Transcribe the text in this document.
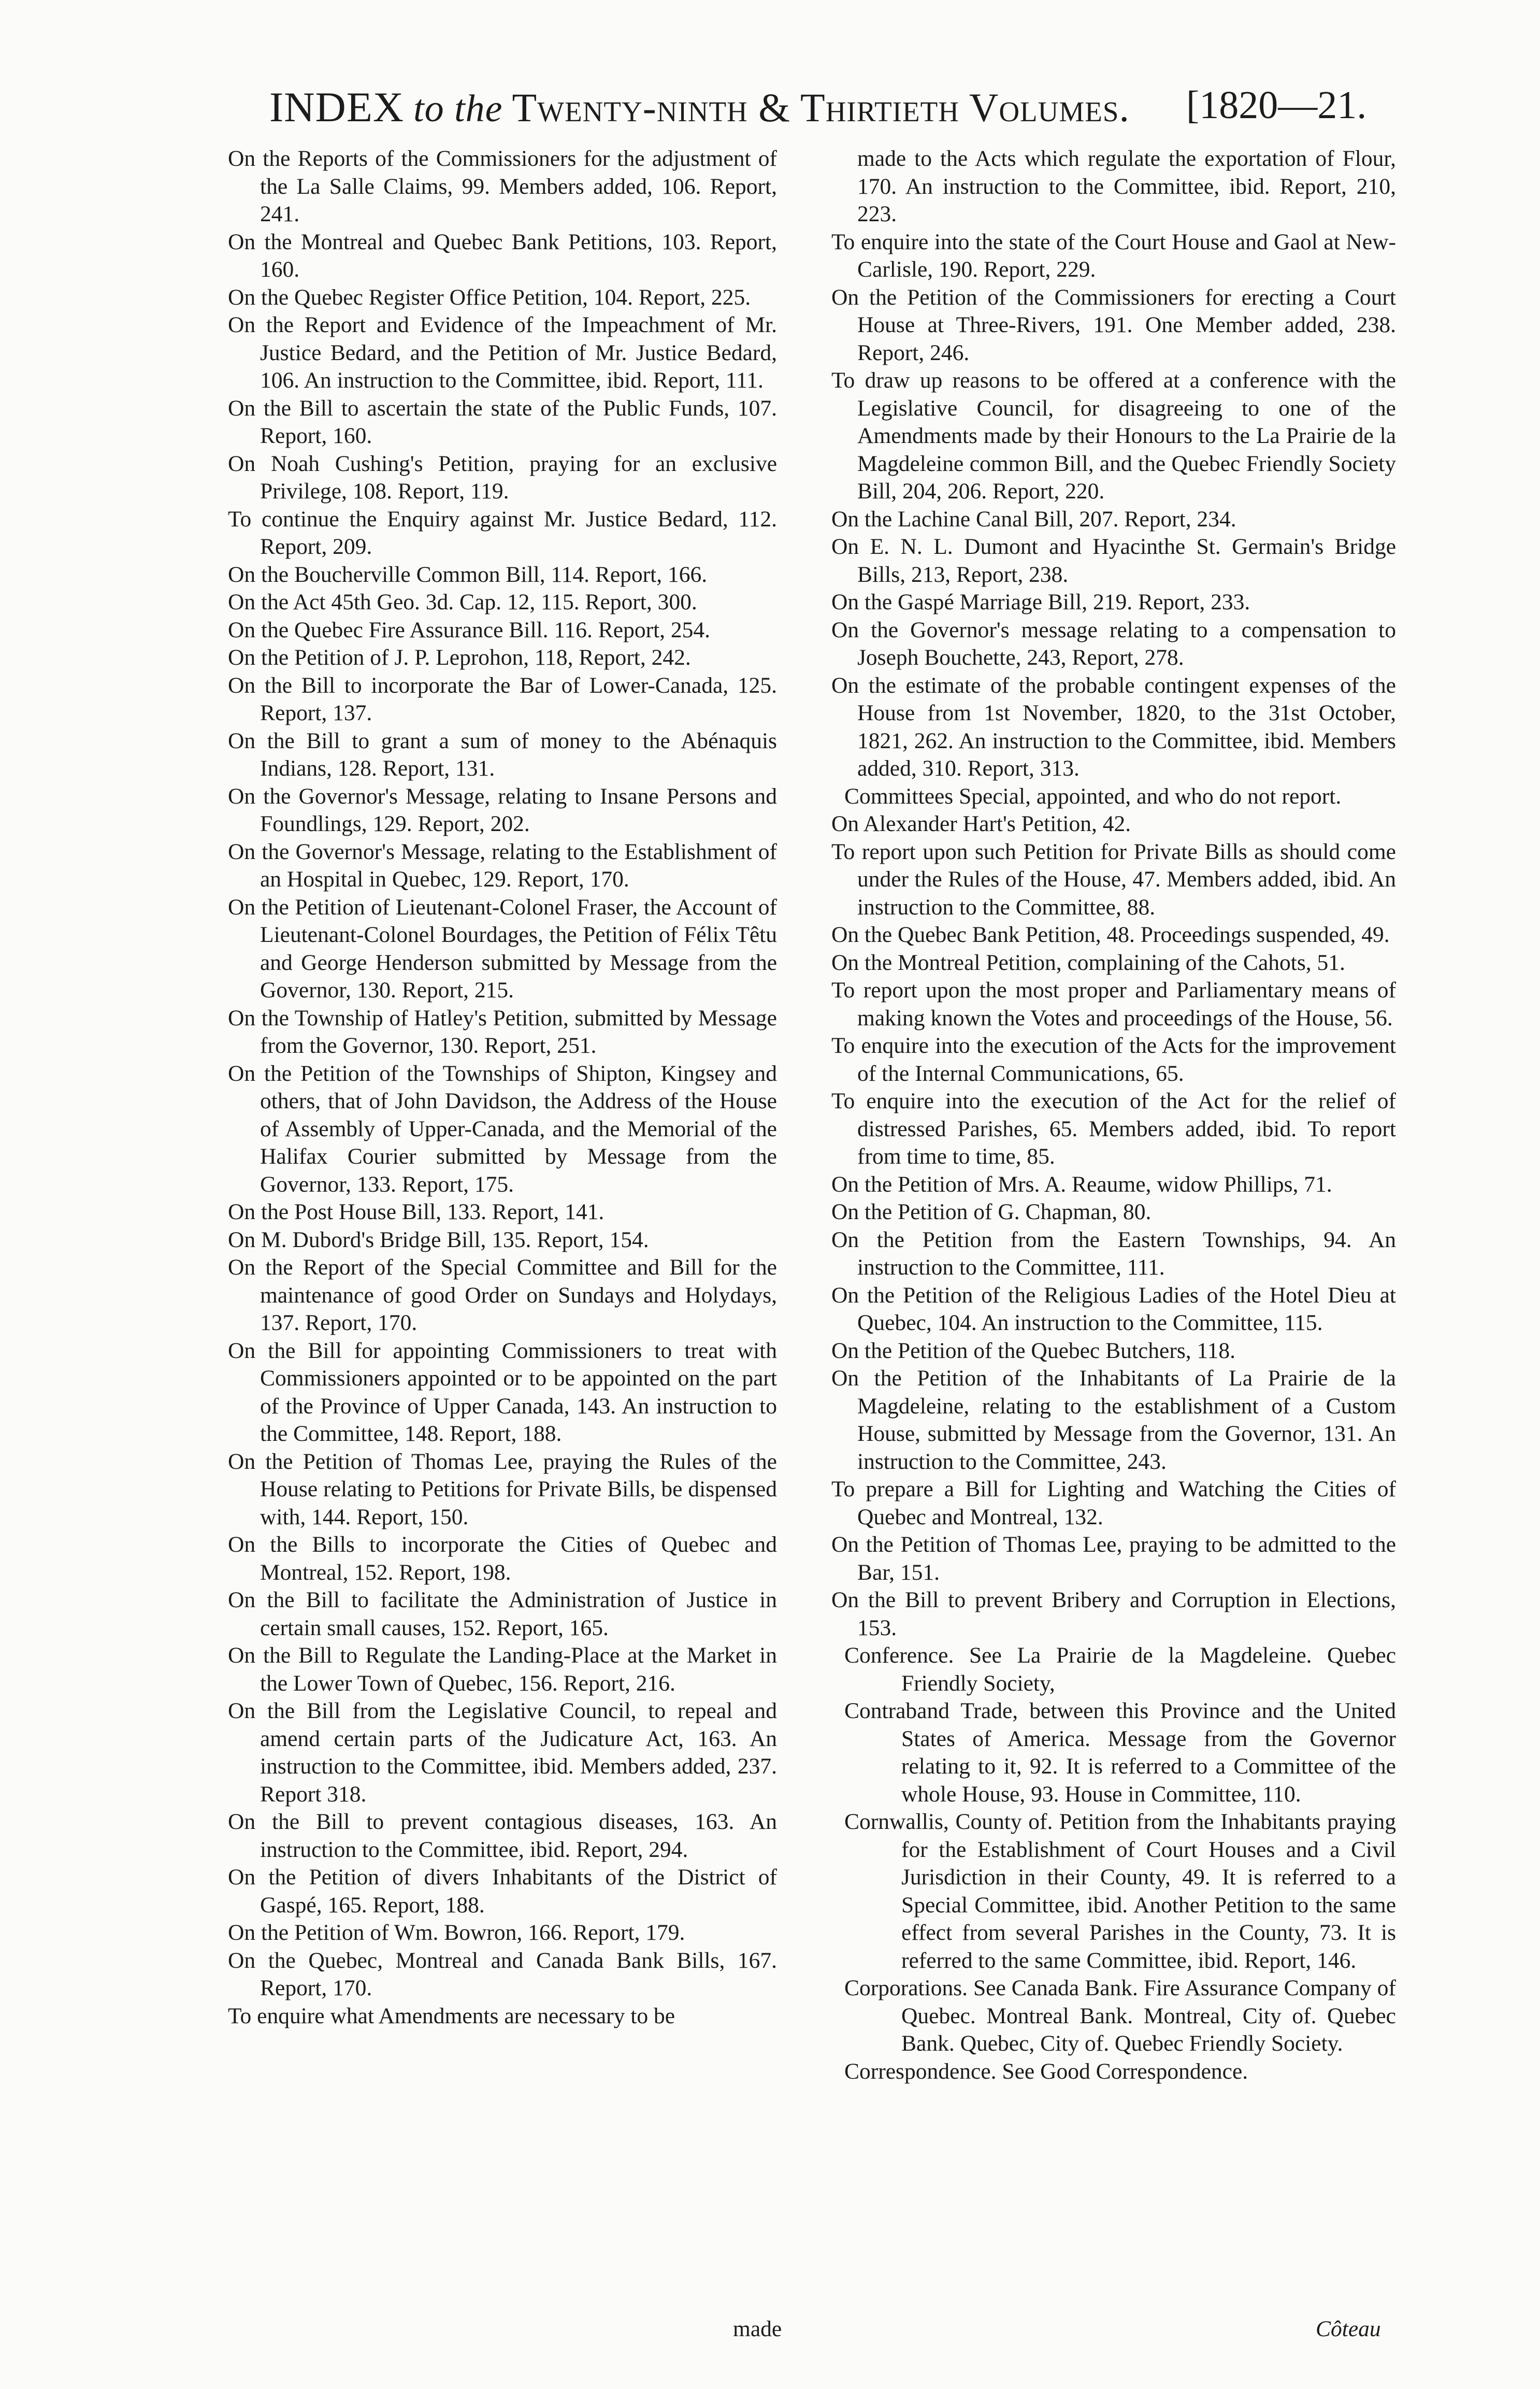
INDEX to the Twenty-ninth & Thirtieth Volumes. [1820—21.

On the Reports of the Commissioners for the adjustment of the La Salle Claims, 99. Members added, 106. Report, 241.

On the Montreal and Quebec Bank Petitions, 103. Report, 160.

On the Quebec Register Office Petition, 104. Report, 225.

On the Report and Evidence of the Impeachment of Mr. Justice Bedard, and the Petition of Mr. Justice Bedard, 106. An instruction to the Committee, ibid. Report, 111.

On the Bill to ascertain the state of the Public Funds, 107. Report, 160.

On Noah Cushing's Petition, praying for an exclusive Privilege, 108. Report, 119.

To continue the Enquiry against Mr. Justice Bedard, 112. Report, 209.

On the Boucherville Common Bill, 114. Report, 166.

On the Act 45th Geo. 3d. Cap. 12, 115. Report, 300.

On the Quebec Fire Assurance Bill. 116. Report, 254.

On the Petition of J. P. Leprohon, 118, Report, 242.

On the Bill to incorporate the Bar of Lower-Canada, 125. Report, 137.

On the Bill to grant a sum of money to the Abénaquis Indians, 128. Report, 131.

On the Governor's Message, relating to Insane Persons and Foundlings, 129. Report, 202.

On the Governor's Message, relating to the Establishment of an Hospital in Quebec, 129. Report, 170.

On the Petition of Lieutenant-Colonel Fraser, the Account of Lieutenant-Colonel Bourdages, the Petition of Félix Têtu and George Henderson submitted by Message from the Governor, 130. Report, 215.

On the Township of Hatley's Petition, submitted by Message from the Governor, 130. Report, 251.

On the Petition of the Townships of Shipton, Kingsey and others, that of John Davidson, the Address of the House of Assembly of Upper-Canada, and the Memorial of the Halifax Courier submitted by Message from the Governor, 133. Report, 175.

On the Post House Bill, 133. Report, 141.

On M. Dubord's Bridge Bill, 135. Report, 154.

On the Report of the Special Committee and Bill for the maintenance of good Order on Sundays and Holydays, 137. Report, 170.

On the Bill for appointing Commissioners to treat with Commissioners appointed or to be appointed on the part of the Province of Upper Canada, 143. An instruction to the Committee, 148. Report, 188.

On the Petition of Thomas Lee, praying the Rules of the House relating to Petitions for Private Bills, be dispensed with, 144. Report, 150.

On the Bills to incorporate the Cities of Quebec and Montreal, 152. Report, 198.

On the Bill to facilitate the Administration of Justice in certain small causes, 152. Report, 165.

On the Bill to Regulate the Landing-Place at the Market in the Lower Town of Quebec, 156. Report, 216.

On the Bill from the Legislative Council, to repeal and amend certain parts of the Judicature Act, 163. An instruction to the Committee, ibid. Members added, 237. Report 318.

On the Bill to prevent contagious diseases, 163. An instruction to the Committee, ibid. Report, 294.

On the Petition of divers Inhabitants of the District of Gaspé, 165. Report, 188.

On the Petition of Wm. Bowron, 166. Report, 179.

On the Quebec, Montreal and Canada Bank Bills, 167. Report, 170.

To enquire what Amendments are necessary to be

made to the Acts which regulate the exportation of Flour, 170. An instruction to the Committee, ibid. Report, 210, 223.

To enquire into the state of the Court House and Gaol at New-Carlisle, 190. Report, 229.

On the Petition of the Commissioners for erecting a Court House at Three-Rivers, 191. One Member added, 238. Report, 246.

To draw up reasons to be offered at a conference with the Legislative Council, for disagreeing to one of the Amendments made by their Honours to the La Prairie de la Magdeleine common Bill, and the Quebec Friendly Society Bill, 204, 206. Report, 220.

On the Lachine Canal Bill, 207. Report, 234.

On E. N. L. Dumont and Hyacinthe St. Germain's Bridge Bills, 213, Report, 238.

On the Gaspé Marriage Bill, 219. Report, 233.

On the Governor's message relating to a compensation to Joseph Bouchette, 243, Report, 278.

On the estimate of the probable contingent expenses of the House from 1st November, 1820, to the 31st October, 1821, 262. An instruction to the Committee, ibid. Members added, 310. Report, 313.

Committees Special, appointed, and who do not report.

On Alexander Hart's Petition, 42.

To report upon such Petition for Private Bills as should come under the Rules of the House, 47. Members added, ibid. An instruction to the Committee, 88.

On the Quebec Bank Petition, 48. Proceedings suspended, 49.

On the Montreal Petition, complaining of the Cahots, 51.

To report upon the most proper and Parliamentary means of making known the Votes and proceedings of the House, 56.

To enquire into the execution of the Acts for the improvement of the Internal Communications, 65.

To enquire into the execution of the Act for the relief of distressed Parishes, 65. Members added, ibid. To report from time to time, 85.

On the Petition of Mrs. A. Reaume, widow Phillips, 71.

On the Petition of G. Chapman, 80.

On the Petition from the Eastern Townships, 94. An instruction to the Committee, 111.

On the Petition of the Religious Ladies of the Hotel Dieu at Quebec, 104. An instruction to the Committee, 115.

On the Petition of the Quebec Butchers, 118.

On the Petition of the Inhabitants of La Prairie de la Magdeleine, relating to the establishment of a Custom House, submitted by Message from the Governor, 131. An instruction to the Committee, 243.

To prepare a Bill for Lighting and Watching the Cities of Quebec and Montreal, 132.

On the Petition of Thomas Lee, praying to be admitted to the Bar, 151.

On the Bill to prevent Bribery and Corruption in Elections, 153.

Conference. See La Prairie de la Magdeleine. Quebec Friendly Society,

Contraband Trade, between this Province and the United States of America. Message from the Governor relating to it, 92. It is referred to a Committee of the whole House, 93. House in Committee, 110.

Cornwallis, County of. Petition from the Inhabitants praying for the Establishment of Court Houses and a Civil Jurisdiction in their County, 49. It is referred to a Special Committee, ibid. Another Petition to the same effect from several Parishes in the County, 73. It is referred to the same Committee, ibid. Report, 146.

Corporations. See Canada Bank. Fire Assurance Company of Quebec. Montreal Bank. Montreal, City of. Quebec Bank. Quebec, City of. Quebec Friendly Society.

Correspondence. See Good Correspondence.

made	Côteau
